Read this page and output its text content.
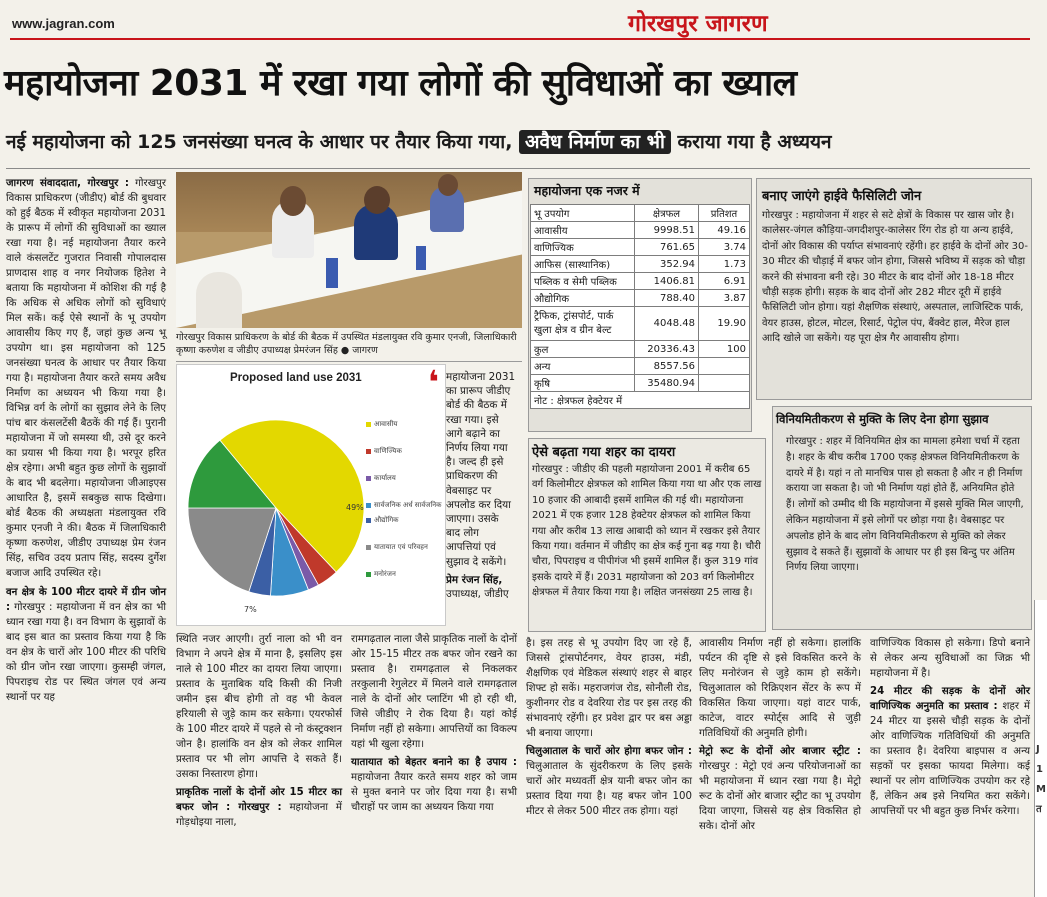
www.jagran.com	गोरखपुर जागरण
महायोजना 2031 में रखा गया लोगों की सुविधाओं का ख्याल
नई महायोजना को 125 जनसंख्या घनत्व के आधार पर तैयार किया गया, अवैध निर्माण का भी कराया गया है अध्ययन
जागरण संवाददाता, गोरखपुर : गोरखपुर विकास प्राधिकरण (जीडीए) बोर्ड की बुधवार को हुई बैठक में स्वीकृत महायोजना 2031 के प्रारूप में लोगों की सुविधाओं का ख्याल रखा गया है। नई महायोजना तैयार करने वाले कंसलटेंट गुजरात निवासी गोपालदास प्राणदास शाह व नगर नियोजक हितेश ने बताया कि महायोजना में कोशिश की गई है कि अधिक से अधिक लोगों को सुविधाएं मिल सकें। कई ऐसे स्थानों के भू उपयोग आवासीय किए गए हैं, जहां कुछ अन्य भू उपयोग था। इस महायोजना को 125 जनसंख्या घनत्व के आधार पर तैयार किया गया है। महायोजना तैयार करते समय अवैध निर्माण का अध्ययन भी किया गया है। विभिन्न वर्ग के लोगों का सुझाव लेने के लिए पांच बार कंसलटेंसी बैठकें की गई हैं। पुरानी महायोजना में जो समस्या थी, उसे दूर करने का प्रयास भी किया गया है। भरपूर हरित क्षेत्र रहेगा। अभी बहुत कुछ लोगों के सुझावों के बाद भी बदलेगा। महायोजना जीआइएस आधारित है, इसमें सबकुछ साफ दिखेगा। बोर्ड बैठक की अध्यक्षता मंडलायुक्त रवि कुमार एनजी ने की। बैठक में जिलाधिकारी कृष्णा करुणेश, जीडीए उपाध्यक्ष प्रेम रंजन सिंह, सचिव उदय प्रताप सिंह, सदस्य दुर्गेश बजाज आदि उपस्थित रहे।
वन क्षेत्र के 100 मीटर दायरे में ग्रीन जोन : गोरखपुर : महायोजना में वन क्षेत्र का भी ध्यान रखा गया है। वन विभाग के सुझावों के बाद इस बात का प्रस्ताव किया गया है कि वन क्षेत्र के चारों ओर 100 मीटर की परिधि को ग्रीन जोन रखा जाएगा। कुसम्ही जंगल, पिपराइच रोड पर स्थित जंगल एवं अन्य स्थानों पर यह
गोरखपुर विकास प्राधिकरण के बोर्ड की बैठक में उपस्थित मंडलायुक्त रवि कुमार एनजी, जिलाधिकारी कृष्णा करुणेश व जीडीए उपाध्यक्ष प्रेमरंजन सिंह ● जागरण
Proposed land use 2031
49%
7%
आवासीय
वाणिज्यिक
कार्यालय
सार्वजनिक अर्ध सार्वजनिक
औद्योगिक
यातायात एवं परिवहन
मनोरंजन
❛ महायोजना 2031 का प्रारूप जीडीए बोर्ड की बैठक में रखा गया। इसे आगे बढ़ाने का निर्णय लिया गया है। जल्द ही इसे प्राधिकरण की वेबसाइट पर अपलोड कर दिया जाएगा। उसके बाद लोग आपत्तियां एवं सुझाव दे सकेंगे।
प्रेम रंजन सिंह,
उपाध्यक्ष, जीडीए
महायोजना एक नजर में
भू उपयोग	क्षेत्रफल	प्रतिशत
आवासीय	9998.51	49.16
वाणिज्यिक	761.65	3.74
आफिस (सास्थानिक)	352.94	1.73
पब्लिक व सेमी पब्लिक	1406.81	6.91
औद्योगिक	788.40	3.87
ट्रैफिक, ट्रांसपोर्ट, पार्क खुला क्षेत्र व ग्रीन बेल्ट	4048.48	19.90
कुल	20336.43	100
अन्य	8557.56	
कृषि	35480.94	
नोट : क्षेत्रफल हेक्टेयर में		
बनाए जाएंगे हाईवे फैसिलिटी जोन
गोरखपुर : महायोजना में शहर से सटे क्षेत्रों के विकास पर खास जोर है। कालेसर-जंगल कौड़िया-जगदीशपुर-कालेसर रिंग रोड हो या अन्य हाईवे, दोनों ओर विकास की पर्याप्त संभावनाएं रहेंगी। हर हाईवे के दोनों ओर 30-30 मीटर की चौड़ाई में बफर जोन होगा, जिससे भविष्य में सड़क को चौड़ा करने की संभावना बनी रहे। 30 मीटर के बाद दोनों ओर 18-18 मीटर चौड़ी सड़क होगी। सड़क के बाद दोनों ओर 282 मीटर दूरी में हाईवे फैसिलिटी जोन होगा। यहां शैक्षणिक संस्थाएं, अस्पताल, लाजिस्टिक पार्क, वेयर हाउस, होटल, मोटल, रिसार्ट, पेट्रोल पंप, बैंक्वेट हाल, मैरेज हाल आदि खोले जा सकेंगे। यह पूरा क्षेत्र गैर आवासीय होगा।
विनियमितीकरण से मुक्ति के लिए देना होगा सुझाव
गोरखपुर : शहर में विनियमित क्षेत्र का मामला हमेशा चर्चा में रहता है। शहर के बीच करीब 1700 एकड़ क्षेत्रफल विनियमितीकरण के दायरे में है। यहां न तो मानचित्र पास हो सकता है और न ही निर्माण कराया जा सकता है। जो भी निर्माण यहां होते हैं, अनियमित होते हैं। लोगों को उम्मीद थी कि महायोजना में इससे मुक्ति मिल जाएगी, लेकिन महायोजना में इसे लोगों पर छोड़ा गया है। वेबसाइट पर अपलोड होने के बाद लोग विनियमितीकरण से मुक्ति को लेकर सुझाव दे सकते हैं। सुझावों के आधार पर ही इस बिन्दु पर अंतिम निर्णय लिया जाएगा।
ऐसे बढ़ता गया शहर का दायरा
गोरखपुर : जीडीए की पहली महायोजना 2001 में करीब 65 वर्ग किलोमीटर क्षेत्रफल को शामिल किया गया था और एक लाख 10 हजार की आबादी इसमें शामिल की गई थी। महायोजना 2021 में एक हजार 128 हेक्टेयर क्षेत्रफल को शामिल किया गया और करीब 13 लाख आबादी को ध्यान में रखकर इसे तैयार किया गया। वर्तमान में जीडीए का क्षेत्र कई गुना बढ़ गया है। चौरी चौरा, पिपराइच व पीपीगंज भी इसमें शामिल हैं। कुल 319 गांव इसके दायरे में हैं। 2031 महायोजना को 203 वर्ग किलोमीटर क्षेत्रफल में तैयार किया गया है। लक्षित जनसंख्या 25 लाख है।
स्थिति नजर आएगी। तुर्रा नाला को भी वन विभाग ने अपने क्षेत्र में माना है, इसलिए इस नाले से 100 मीटर का दायरा लिया जाएगा। प्रस्ताव के मुताबिक यदि किसी की निजी जमीन इस बीच होगी तो वह भी केवल हरियाली से जुड़े काम कर सकेगा। एयरफोर्स के 100 मीटर दायरे में पहले से नो कंस्ट्रक्शन जोन है। हालांकि वन क्षेत्र को लेकर शामिल प्रस्ताव पर भी लोग आपत्ति दे सकते हैं। उसका निस्तारण होगा।
प्राकृतिक नालों के दोनों ओर 15 मीटर का बफर जोन : गोरखपुर : महायोजना में गोड़धोइया नाला,
रामगढ़ताल नाला जैसे प्राकृतिक नालों के दोनों ओर 15-15 मीटर तक बफर जोन रखने का प्रस्ताव है। रामगढ़ताल से निकलकर तरकुलानी रेगुलेटर में मिलने वाले रामगढ़ताल नाले के दोनों ओर प्लाटिंग भी हो रही थी, जिसे जीडीए ने रोक दिया है। यहां कोई निर्माण नहीं हो सकेगा। आपत्तियों का विकल्प यहां भी खुला रहेगा।
यातायात को बेहतर बनाने का है उपाय : महायोजना तैयार करते समय शहर को जाम से मुक्त बनाने पर जोर दिया गया है। सभी चौराहों पर जाम का अध्ययन किया गया
है। इस तरह से भू उपयोग दिए जा रहे हैं, जिससे ट्रांसपोर्टनगर, वेयर हाउस, मंडी, शैक्षणिक एवं मेडिकल संस्थाएं शहर से बाहर शिफ्ट हो सकें। महराजगंज रोड, सोनौली रोड, कुशीनगर रोड व देवरिया रोड पर इस तरह की संभावनाएं रहेंगी। हर प्रवेश द्वार पर बस अड्डा भी बनाया जाएगा।
चिलुआताल के चारों ओर होगा बफर जोन : चिलुआताल के सुंदरीकरण के लिए इसके चारों ओर मध्यवर्ती क्षेत्र यानी बफर जोन का प्रस्ताव दिया गया है। यह बफर जोन 100 मीटर से लेकर 500 मीटर तक होगा। यहां
आवासीय निर्माण नहीं हो सकेगा। हालांकि पर्यटन की दृष्टि से इसे विकसित करने के लिए मनोरंजन से जुड़े काम हो सकेंगे। चिलुआताल को रिक्रिएशन सेंटर के रूप में विकसित किया जाएगा। यहां वाटर पार्क, काटेज, वाटर स्पोर्ट्स आदि से जुड़ी गतिविधियों की अनुमति होगी।
मेट्रो रूट के दोनों ओर बाजार स्ट्रीट : गोरखपुर : मेट्रो एवं अन्य परियोजनाओं का भी महायोजना में ध्यान रखा गया है। मेट्रो रूट के दोनों ओर बाजार स्ट्रीट का भू उपयोग दिया जाएगा, जिससे यह क्षेत्र विकसित हो सके। दोनों ओर
वाणिज्यिक विकास हो सकेगा। डिपो बनाने से लेकर अन्य सुविधाओं का जिक्र भी महायोजना में है।
24 मीटर की सड़क के दोनों ओर वाणिज्यिक अनुमति का प्रस्ताव : शहर में 24 मीटर या इससे चौड़ी सड़क के दोनों ओर वाणिज्यिक गतिविधियों की अनुमति का प्रस्ताव है। देवरिया बाइपास व अन्य सड़कों पर इसका फायदा मिलेगा। कई स्थानों पर लोग वाणिज्यिक उपयोग कर रहे हैं, लेकिन अब इसे नियमित करा सकेंगे। आपत्तियों पर भी बहुत कुछ निर्भर करेगा।
J 1 M त
